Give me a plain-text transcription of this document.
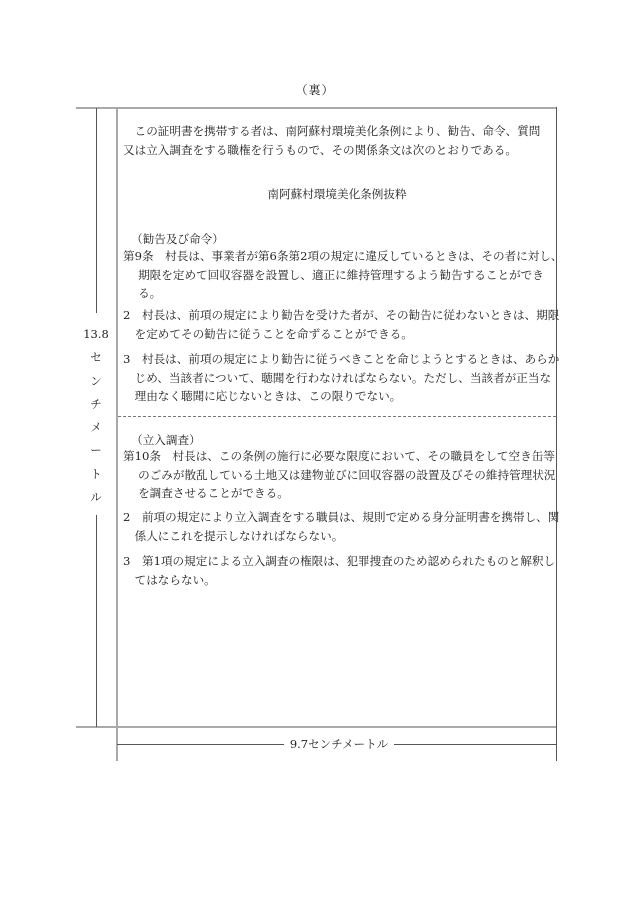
（裏）
13.8
セ
ン
チ
メ
ー
ト
ル
9.7センチメートル
この証明書を携帯する者は、南阿蘇村環境美化条例により、勧告、命令、質問又は立入調査をする職権を行うもので、その関係条文は次のとおりである。
南阿蘇村環境美化条例抜粋
（勧告及び命令）
第9条　村長は、事業者が第6条第2項の規定に違反しているときは、その者に対し、期限を定めて回収容器を設置し、適正に維持管理するよう勧告することができる。
2　村長は、前項の規定により勧告を受けた者が、その勧告に従わないときは、期限を定めてその勧告に従うことを命ずることができる。
3　村長は、前項の規定により勧告に従うべきことを命じようとするときは、あらかじめ、当該者について、聴聞を行わなければならない。ただし、当該者が正当な理由なく聴聞に応じないときは、この限りでない。
（立入調査）
第10条　村長は、この条例の施行に必要な限度において、その職員をして空き缶等のごみが散乱している土地又は建物並びに回収容器の設置及びその維持管理状況を調査させることができる。
2　前項の規定により立入調査をする職員は、規則で定める身分証明書を携帯し、関係人にこれを提示しなければならない。
3　第1項の規定による立入調査の権限は、犯罪捜査のため認められたものと解釈してはならない。
